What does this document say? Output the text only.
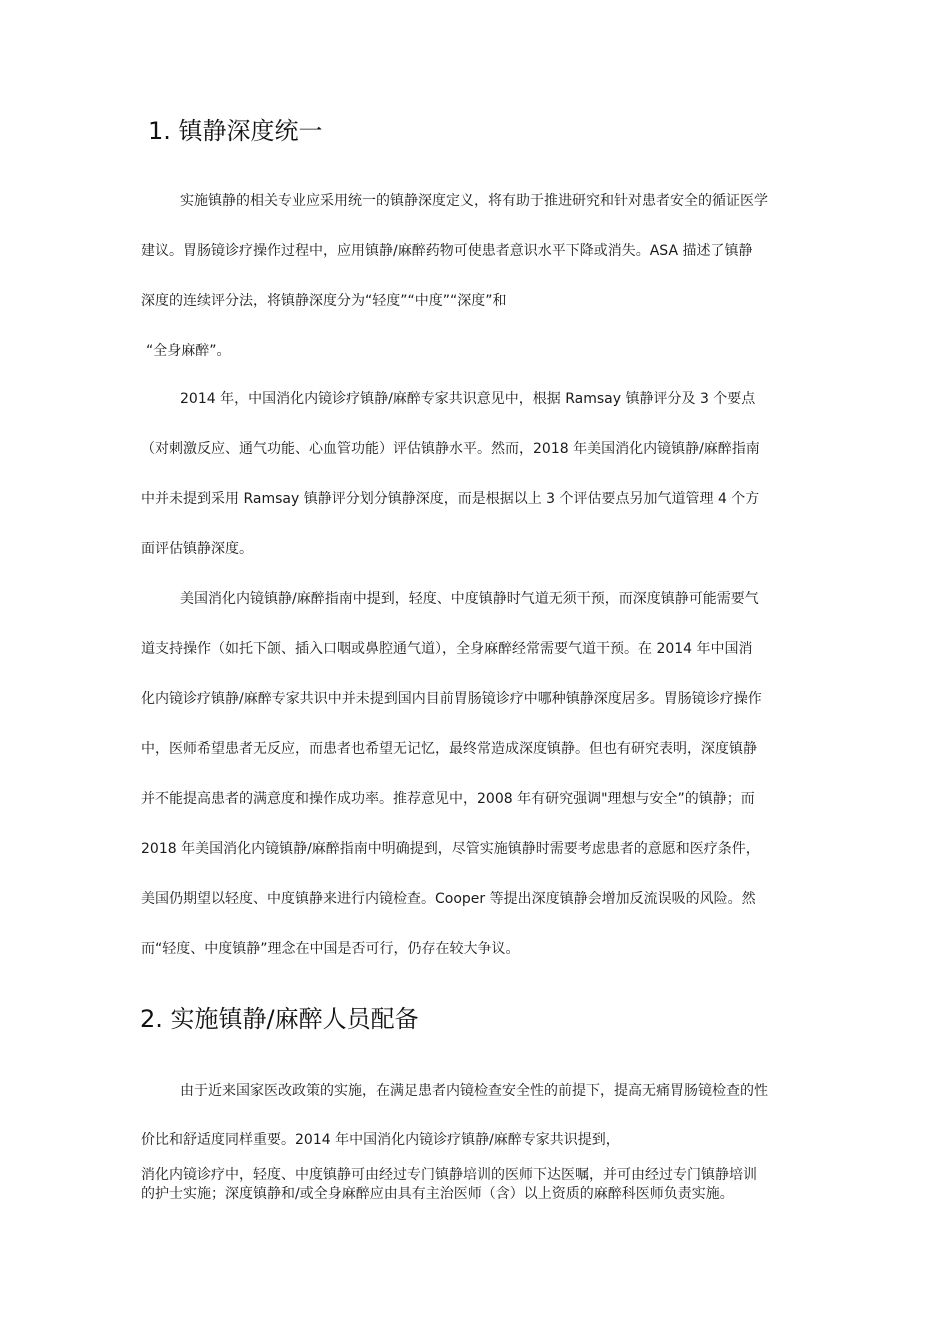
1. 镇静深度统一

实施镇静的相关专业应采用统一的镇静深度定义，将有助于推进研究和针对患者安全的循证医学

建议。胃肠镜诊疗操作过程中，应用镇静/麻醉药物可使患者意识水平下降或消失。ASA 描述了镇静

深度的连续评分法，将镇静深度分为“轻度”“中度”“深度”和

“全身麻醉”。

2014 年，中国消化内镜诊疗镇静/麻醉专家共识意见中，根据 Ramsay 镇静评分及 3 个要点

（对刺激反应、通气功能、心血管功能）评估镇静水平。然而，2018 年美国消化内镜镇静/麻醉指南

中并未提到采用 Ramsay 镇静评分划分镇静深度，而是根据以上 3 个评估要点另加气道管理 4 个方

面评估镇静深度。

美国消化内镜镇静/麻醉指南中提到，轻度、中度镇静时气道无须干预，而深度镇静可能需要气

道支持操作（如托下颌、插入口咽或鼻腔通气道），全身麻醉经常需要气道干预。在 2014 年中国消

化内镜诊疗镇静/麻醉专家共识中并未提到国内目前胃肠镜诊疗中哪种镇静深度居多。胃肠镜诊疗操作

中，医师希望患者无反应，而患者也希望无记忆，最终常造成深度镇静。但也有研究表明，深度镇静

并不能提高患者的满意度和操作成功率。推荐意见中，2008 年有研究强调"理想与安全”的镇静；而

2018 年美国消化内镜镇静/麻醉指南中明确提到，尽管实施镇静时需要考虑患者的意愿和医疗条件，

美国仍期望以轻度、中度镇静来进行内镜检查。Cooper 等提出深度镇静会增加反流误吸的风险。然

而“轻度、中度镇静”理念在中国是否可行，仍存在较大争议。

2. 实施镇静/麻醉人员配备

由于近来国家医改政策的实施，在满足患者内镜检查安全性的前提下，提高无痛胃肠镜检查的性

价比和舒适度同样重要。2014 年中国消化内镜诊疗镇静/麻醉专家共识提到，

消化内镜诊疗中，轻度、中度镇静可由经过专门镇静培训的医师下达医嘱，并可由经过专门镇静培训

的护士实施；深度镇静和/或全身麻醉应由具有主治医师（含）以上资质的麻醉科医师负责实施。
